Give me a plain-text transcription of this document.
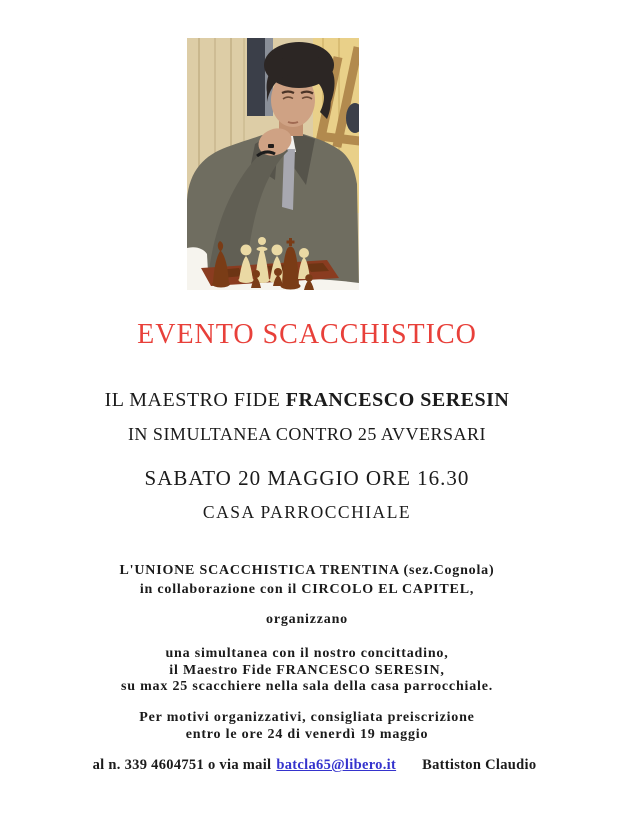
EVENTO SCACCHISTICO
IL MAESTRO FIDE FRANCESCO SERESIN
IN SIMULTANEA CONTRO 25 AVVERSARI
SABATO 20 MAGGIO ORE 16.30
CASA PARROCCHIALE
L'UNIONE SCACCHISTICA TRENTINA (sez.Cognola)
in collaborazione con il CIRCOLO EL CAPITEL,
organizzano
una simultanea con il nostro concittadino,
il Maestro Fide FRANCESCO SERESIN,
su max 25 scacchiere nella sala della casa parrocchiale.
Per motivi organizzativi, consigliata preiscrizione
entro le ore 24 di venerdì 19 maggio
al n. 339 4604751 o via mail batcla65@libero.it Battiston Claudio
